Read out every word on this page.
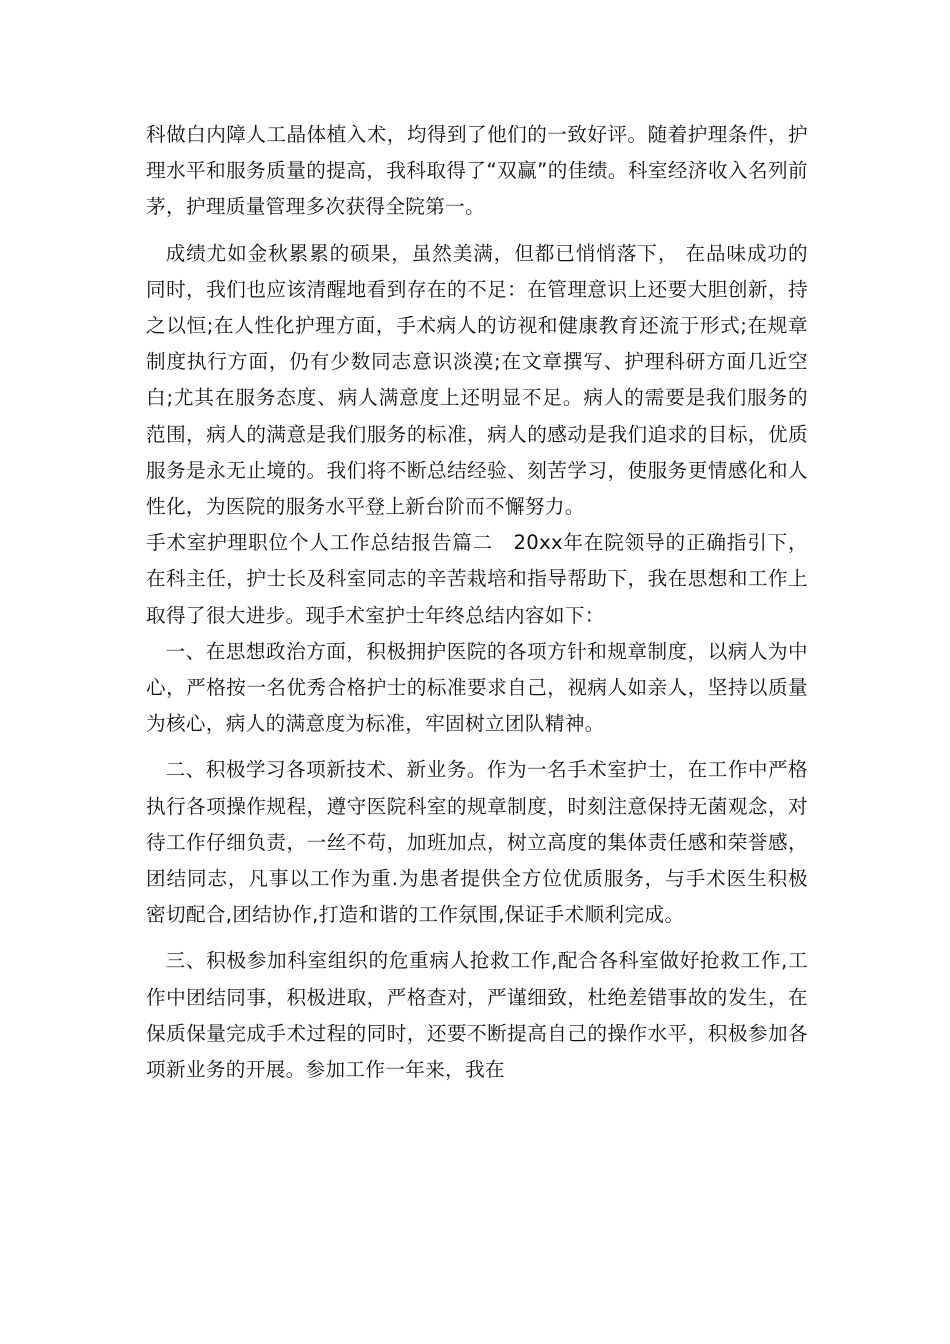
科做白内障人工晶体植入术，均得到了他们的一致好评。随着护理条件，护理水平和服务质量的提高，我科取得了“双赢”的佳绩。科室经济收入名列前茅，护理质量管理多次获得全院第一。

成绩尤如金秋累累的硕果，虽然美满，但都已悄悄落下， 在品味成功的同时，我们也应该清醒地看到存在的不足：在管理意识上还要大胆创新，持之以恒;在人性化护理方面，手术病人的访视和健康教育还流于形式;在规章制度执行方面，仍有少数同志意识淡漠;在文章撰写、护理科研方面几近空白;尤其在服务态度、病人满意度上还明显不足。病人的需要是我们服务的范围，病人的满意是我们服务的标准，病人的感动是我们追求的目标，优质服务是永无止境的。我们将不断总结经验、刻苦学习，使服务更情感化和人性化，为医院的服务水平登上新台阶而不懈努力。

手术室护理职位个人工作总结报告篇二　20xx年在院领导的正确指引下，在科主任，护士长及科室同志的辛苦栽培和指导帮助下，我在思想和工作上取得了很大进步。现手术室护士年终总结内容如下：

一、在思想政治方面，积极拥护医院的各项方针和规章制度，以病人为中心，严格按一名优秀合格护士的标准要求自己，视病人如亲人，坚持以质量为核心，病人的满意度为标准，牢固树立团队精神。

二、积极学习各项新技术、新业务。作为一名手术室护士，在工作中严格执行各项操作规程，遵守医院科室的规章制度，时刻注意保持无菌观念，对待工作仔细负责，一丝不苟，加班加点，树立高度的集体责任感和荣誉感，团结同志，凡事以工作为重.为患者提供全方位优质服务，与手术医生积极密切配合,团结协作,打造和谐的工作氛围,保证手术顺利完成。

三、积极参加科室组织的危重病人抢救工作,配合各科室做好抢救工作,工作中团结同事，积极进取，严格查对，严谨细致，杜绝差错事故的发生，在保质保量完成手术过程的同时，还要不断提高自己的操作水平，积极参加各项新业务的开展。参加工作一年来，我在
